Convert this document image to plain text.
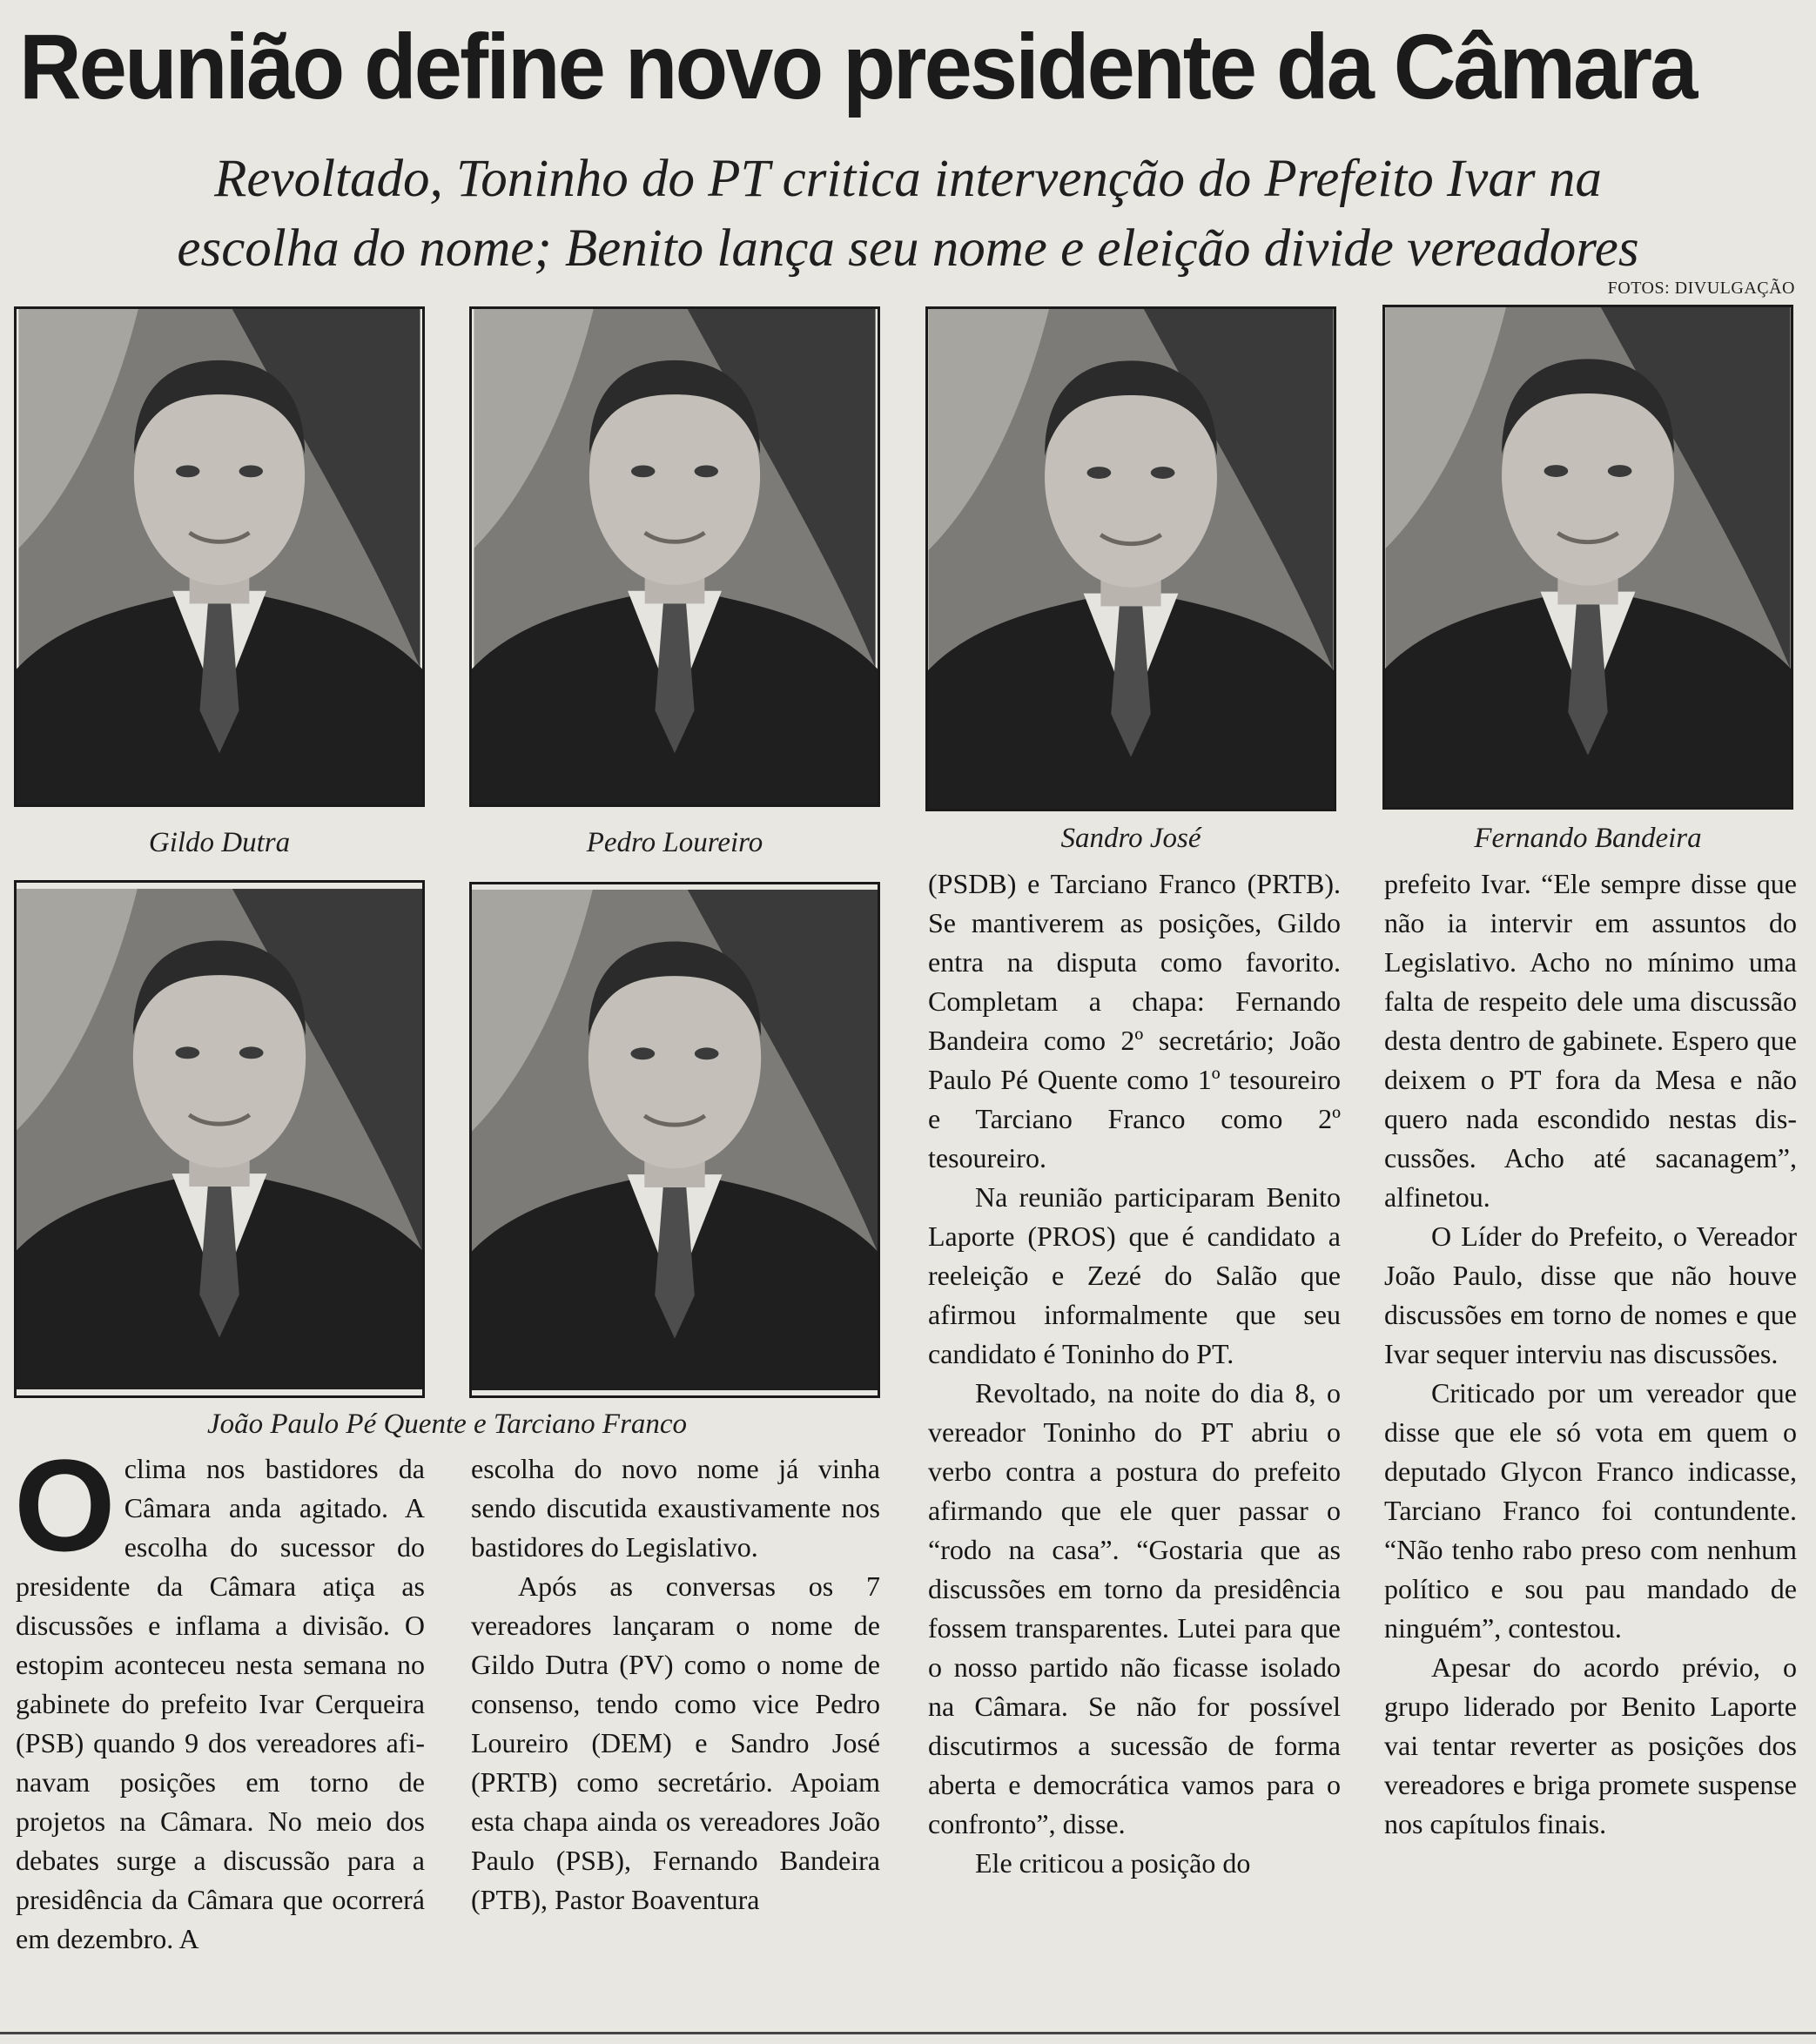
Reunião define novo presidente da Câmara
Revoltado, Toninho do PT critica intervenção do Prefeito Ivar na
escolha do nome; Benito lança seu nome e eleição divide vereadores
FOTOS: DIVULGAÇÃO
Gildo Dutra	Pedro Loureiro	Sandro José	Fernando Bandeira
João Paulo Pé Quente e Tarciano Franco

Oclima nos bastidores da Câmara anda agitado. A escolha do sucessor do presidente da Câmara atiça as discussões e inflama a divisão. O estopim aconteceu nesta semana no gabinete do prefeito Ivar Cerqueira (PSB) quando 9 dos vereadores afinavam posições em torno de projetos na Câmara. No meio dos debates surge a discussão para a presidência da Câmara que ocorrerá em dezembro. A

escolha do novo nome já vinha sendo discutida exaustivamente nos bastidores do Legislativo.

Após as conversas os 7 vereadores lançaram o nome de Gildo Dutra (PV) como o nome de consenso, tendo como vice Pedro Loureiro (DEM) e Sandro José (PRTB) como secretário. Apoiam esta chapa ainda os vereadores João Paulo (PSB), Fernando Bandeira (PTB), Pastor Boaventura

(PSDB) e Tarciano Franco (PRTB). Se mantiverem as posições, Gildo entra na disputa como favorito. Completam a chapa: Fernando Bandeira como 2º secretário; João Paulo Pé Quente como 1º tesoureiro e Tarciano Franco como 2º tesoureiro.

Na reunião participaram Benito Laporte (PROS) que é candidato a reeleição e Zezé do Salão que afirmou informalmente que seu candidato é Toninho do PT.

Revoltado, na noite do dia 8, o vereador Toninho do PT abriu o verbo contra a postura do prefeito afirmando que ele quer passar o “rodo na casa”. “Gostaria que as discussões em torno da presidência fossem transparentes. Lutei para que o nosso partido não ficasse isolado na Câmara. Se não for possível discutirmos a sucessão de forma aberta e democrática vamos para o confronto”, disse.

Ele criticou a posição do

prefeito Ivar. “Ele sempre disse que não ia intervir em assuntos do Legislativo. Acho no mínimo uma falta de respeito dele uma discussão desta dentro de gabinete. Espero que deixem o PT fora da Mesa e não quero nada escondido nestas discussões. Acho até sacanagem”, alfinetou.

O Líder do Prefeito, o Vereador João Paulo, disse que não houve discussões em torno de nomes e que Ivar sequer interviu nas discussões.

Criticado por um vereador que disse que ele só vota em quem o deputado Glycon Franco indicasse, Tarciano Franco foi contundente. “Não tenho rabo preso com nenhum político e sou pau mandado de ninguém”, contestou.

Apesar do acordo prévio, o grupo liderado por Benito Laporte vai tentar reverter as posições dos vereadores e briga promete suspense nos capítulos finais.
